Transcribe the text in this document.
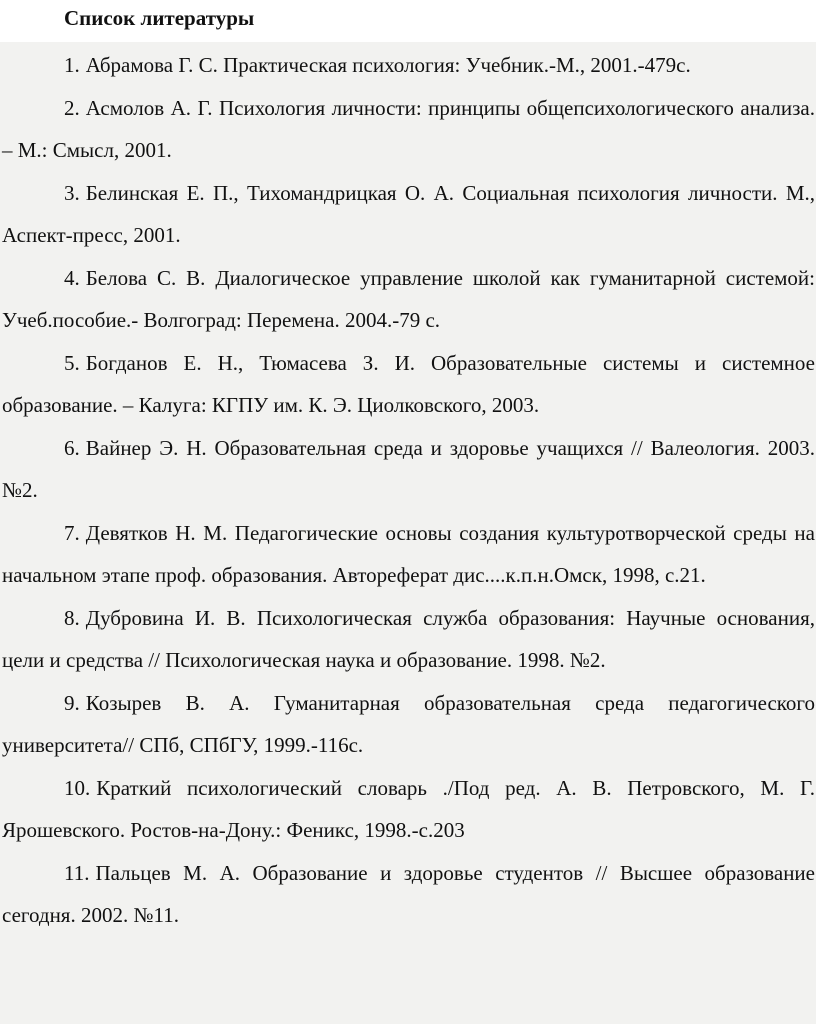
Список литературы

1. Абрамова Г. С. Практическая психология: Учебник.-М., 2001.-479с.

2. Асмолов А. Г. Психология личности: принципы общепсихологического анализа. – М.: Смысл, 2001.

3. Белинская Е. П., Тихомандрицкая О. А. Социальная психология личности. М., Аспект-пресс, 2001.

4. Белова С. В. Диалогическое управление школой как гуманитарной системой: Учеб.пособие.- Волгоград: Перемена. 2004.-79 с.

5. Богданов Е. Н., Тюмасева З. И. Образовательные системы и системное образование. – Калуга: КГПУ им. К. Э. Циолковского, 2003.

6. Вайнер Э. Н. Образовательная среда и здоровье учащихся // Валеология. 2003. №2.

7. Девятков Н. М. Педагогические основы создания культуротворческой среды на начальном этапе проф. образования. Автореферат дис....к.п.н.Омск, 1998, с.21.

8. Дубровина И. В. Психологическая служба образования: Научные основания, цели и средства // Психологическая наука и образование. 1998. №2.

9. Козырев В. А. Гуманитарная образовательная среда педагогического университета// СПб, СПбГУ, 1999.-116с.

10. Краткий психологический словарь ./Под ред. А. В. Петровского, М. Г. Ярошевского. Ростов-на-Дону.: Феникс, 1998.-с.203

11. Пальцев М. А. Образование и здоровье студентов // Высшее образование сегодня. 2002. №11.
